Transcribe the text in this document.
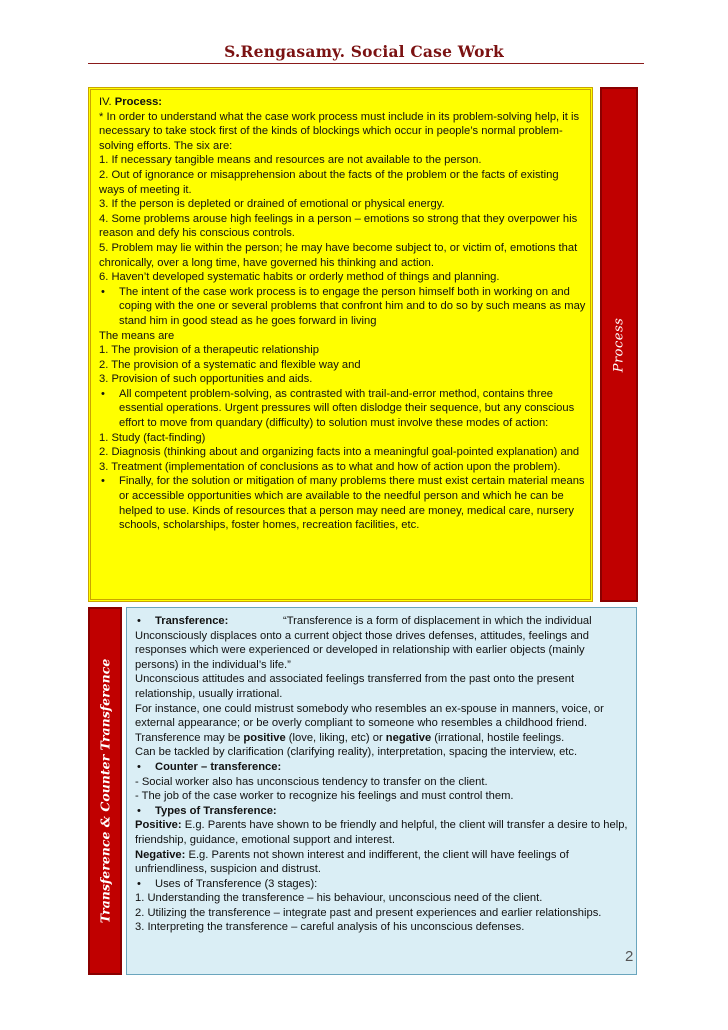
S.Rengasamy. Social Case Work

IV. Process:

* In order to understand what the case work process must include in its problem-solving help, it is necessary to take stock first of the kinds of blockings which occur in people’s normal problem-solving efforts. The six are:

1. If necessary tangible means and resources are not available to the person.

2. Out of ignorance or misapprehension about the facts of the problem or the facts of existing ways of meeting it.

3. If the person is depleted or drained of emotional or physical energy.

4. Some problems arouse high feelings in a person – emotions so strong that they overpower his reason and defy his conscious controls.

5. Problem may lie within the person; he may have become subject to, or victim of, emotions that chronically, over a long time, have governed his thinking and action.

6. Haven’t developed systematic habits or orderly method of things and planning.

•	The intent of the case work process is to engage the person himself both in working on and coping with the one or several problems that confront him and to do so by such means as may stand him in good stead as he goes forward in living

The means are

1. The provision of a therapeutic relationship

2. The provision of a systematic and flexible way and

3. Provision of such opportunities and aids.

•	All competent problem-solving, as contrasted with trail-and-error method, contains three essential operations. Urgent pressures will often dislodge their sequence, but any conscious effort to move from quandary (difficulty) to solution must involve these modes of action:

1. Study (fact-finding)

2. Diagnosis (thinking about and organizing facts into a meaningful goal-pointed explanation) and

3. Treatment (implementation of conclusions as to what and how of action upon the problem).

•	Finally, for the solution or mitigation of many problems there must exist certain material means or accessible opportunities which are available to the needful person and which he can be helped to use. Kinds of resources that a person may need are money, medical care, nursery schools, scholarships, foster homes, recreation facilities, etc.
Process
Transference & Counter Transference
•	Transference:	“Transference is a form of displacement in which the individual Unconsciously displaces onto a current object those drives defenses, attitudes, feelings and responses which were experienced or developed in relationship with earlier objects (mainly persons) in the individual’s life.”

Unconscious attitudes and associated feelings transferred from the past onto the present relationship, usually irrational.

For instance, one could mistrust somebody who resembles an ex-spouse in manners, voice, or external appearance; or be overly compliant to someone who resembles a childhood friend. Transference may be positive (love, liking, etc) or negative (irrational, hostile feelings.

Can be tackled by clarification (clarifying reality), interpretation, spacing the interview, etc.

•	Counter – transference:

- Social worker also has unconscious tendency to transfer on the client.

- The job of the case worker to recognize his feelings and must control them.

•	Types of Transference:

Positive: E.g. Parents have shown to be friendly and helpful, the client will transfer a desire to help, friendship, guidance, emotional support and interest.

Negative: E.g. Parents not shown interest and indifferent, the client will have feelings of unfriendliness, suspicion and distrust.

•	Uses of Transference (3 stages):

1. Understanding the transference – his behaviour, unconscious need of the client.

2. Utilizing the transference – integrate past and present experiences and earlier relationships.

3. Interpreting the transference – careful analysis of his unconscious defenses.

2
